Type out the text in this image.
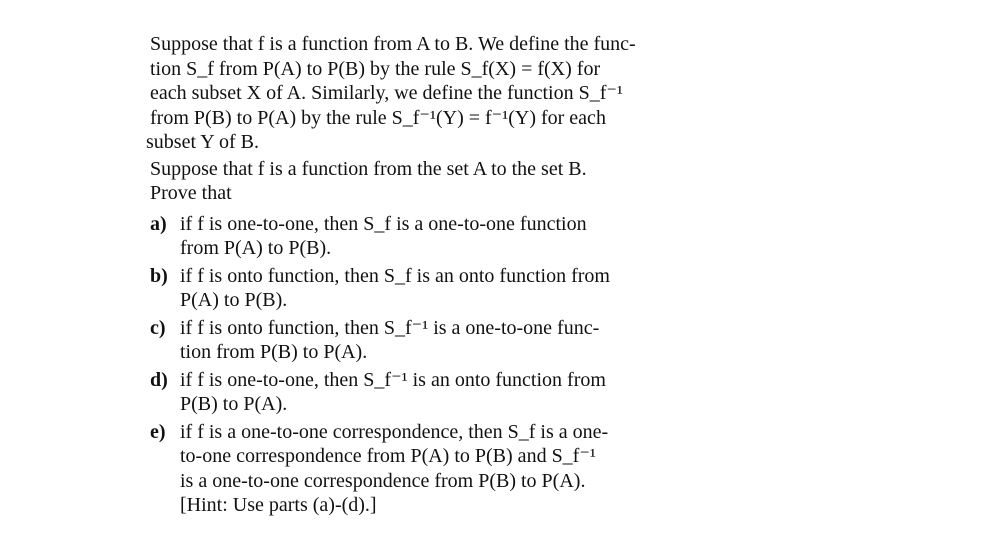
Suppose that f is a function from A to B. We define the func-
tion S_f from P(A) to P(B) by the rule S_f(X) = f(X) for
each subset X of A. Similarly, we define the function S_f⁻¹
from P(B) to P(A) by the rule S_f⁻¹(Y) = f⁻¹(Y) for each

subset Y of B.

Suppose that f is a function from the set A to the set B.
Prove that

a) if f is one-to-one, then S_f is a one-to-one function
from P(A) to P(B).
b) if f is onto function, then S_f is an onto function from
P(A) to P(B).
c) if f is onto function, then S_f⁻¹ is a one-to-one func-
tion from P(B) to P(A).
d) if f is one-to-one, then S_f⁻¹ is an onto function from
P(B) to P(A).
e) if f is a one-to-one correspondence, then S_f is a one-
to-one correspondence from P(A) to P(B) and S_f⁻¹
is a one-to-one correspondence from P(B) to P(A).
[Hint: Use parts (a)-(d).]
